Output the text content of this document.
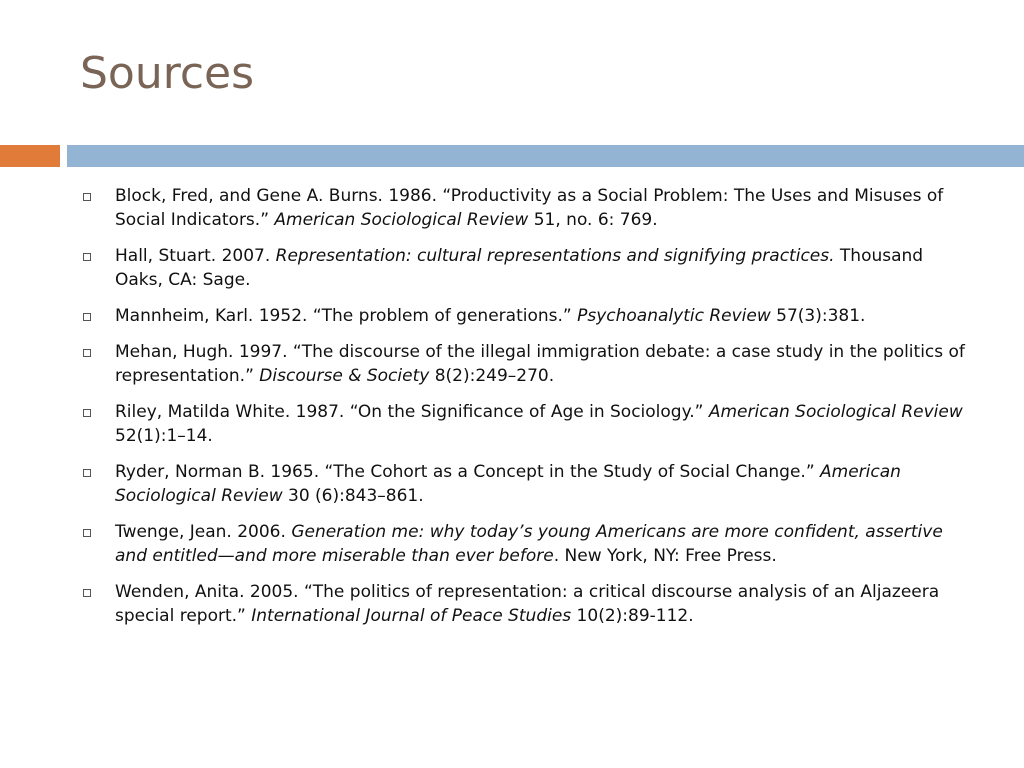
Sources
Block, Fred, and Gene A. Burns. 1986. “Productivity as a Social Problem: The Uses and Misuses of Social Indicators.” American Sociological Review 51, no. 6: 769.
Hall, Stuart. 2007. Representation: cultural representations and signifying practices. Thousand Oaks, CA: Sage.
Mannheim, Karl. 1952. “The problem of generations.” Psychoanalytic Review 57(3):381.
Mehan, Hugh. 1997. “The discourse of the illegal immigration debate: a case study in the politics of representation.” Discourse & Society 8(2):249–270.
Riley, Matilda White. 1987. “On the Significance of Age in Sociology.” American Sociological Review 52(1):1–14.
Ryder, Norman B. 1965. “The Cohort as a Concept in the Study of Social Change.” American Sociological Review 30 (6):843–861.
Twenge, Jean. 2006. Generation me: why today’s young Americans are more confident, assertive and entitled—and more miserable than ever before. New York, NY: Free Press.
Wenden, Anita. 2005. “The politics of representation: a critical discourse analysis of an Aljazeera special report.” International Journal of Peace Studies 10(2):89-112.
